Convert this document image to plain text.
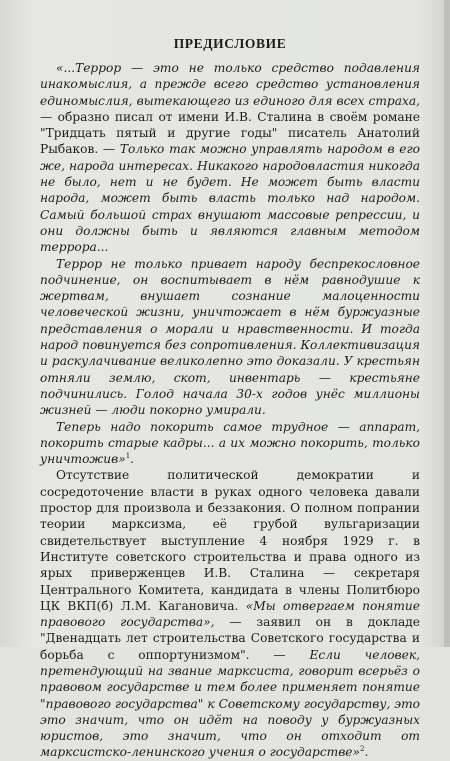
ПРЕДИСЛОВИЕ

«...Террор — это не только средство подавления инакомыслия, а прежде всего средство установления единомыслия, вытекающего из единого для всех страха, — образно писал от имени И.В. Сталина в своём романе "Тридцать пятый и другие годы" писатель Анатолий Рыбаков. — Только так можно управлять народом в его же, народа интересах. Никакого народовластия никогда не было, нет и не будет. Не может быть власти народа, может быть власть только над народом. Самый большой страх внушают массовые репрессии, и они должны быть и являются главным методом террора...

Террор не только привает народу беспрекословное подчинение, он воспитывает в нём равнодушие к жертвам, внушает сознание малоценности человеческой жизни, уничтожает в нём буржуазные представления о морали и нравственности. И тогда народ повинуется без сопротивления. Коллективизация и раскулачивание великолепно это доказали. У крестьян отняли землю, скот, инвентарь — крестьяне подчинились. Голод начала 30-х годов унёс миллионы жизней — люди покорно умирали.

Теперь надо покорить самое трудное — аппарат, покорить старые кадры... а их можно покорить, только уничтожив»$^1$.

Отсутствие политической демократии и сосредоточение власти в руках одного человека давали простор для произвола и беззакония. О полном попрании теории марксизма, её грубой вульгаризации свидетельствует выступление 4 ноября 1929 г. в Институте советского строительства и права одного из ярых приверженцев И.В. Сталина — секретаря Центрального Комитета, кандидата в члены Политбюро ЦК ВКП(б) Л.М. Кагановича. «Мы отвергаем понятие правового государства», — заявил он в докладе "Двенадцать лет строительства Советского государства и борьба с оппортунизмом". — Если человек, претендующий на звание марксиста, говорит всерьёз о правовом государстве и тем более применяет понятие "правового государства" к Советскому государству, это это значит, что он идёт на поводу у буржуазных юристов, это значит, что он отходит от марксистско-ленинского учения о государстве»$^2$.
